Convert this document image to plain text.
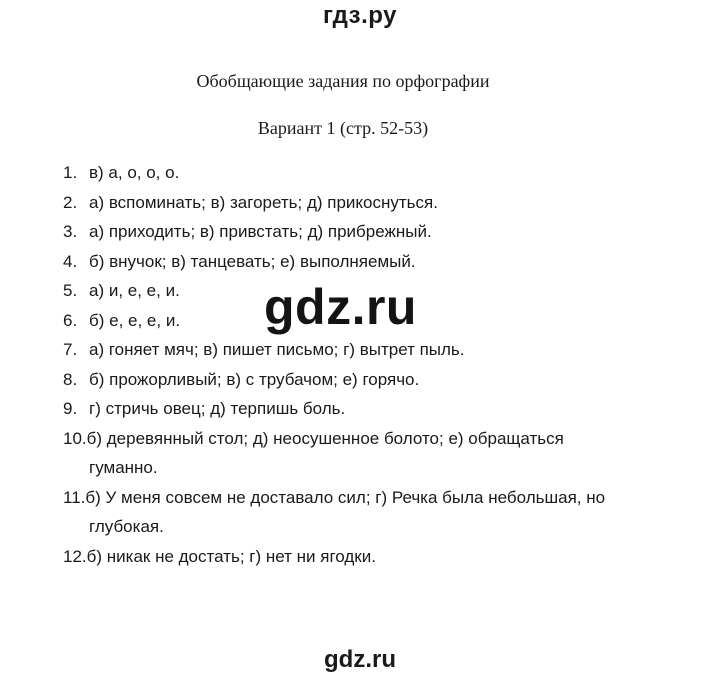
гдз.ру
Обобщающие задания по орфографии
Вариант 1 (стр. 52-53)
1. в) а, о, о, о.
2. а) вспоминать; в) загореть; д) прикоснуться.
3. а) приходить; в) привстать; д) прибрежный.
4. б) внучок; в) танцевать; е) выполняемый.
5. а) и, е, е, и.
6. б) е, е, е, и.
7. а) гоняет мяч; в) пишет письмо; г) вытрет пыль.
8. б) прожорливый; в) с трубачом; е) горячо.
9. г) стричь овец; д) терпишь боль.
10.б) деревянный стол; д) неосушенное болото; е) обращаться
гуманно.
11.б) У меня совсем не доставало сил; г) Речка была небольшая, но
глубокая.
12.б) никак не достать; г) нет ни ягодки.
gdz.ru
gdz.ru
